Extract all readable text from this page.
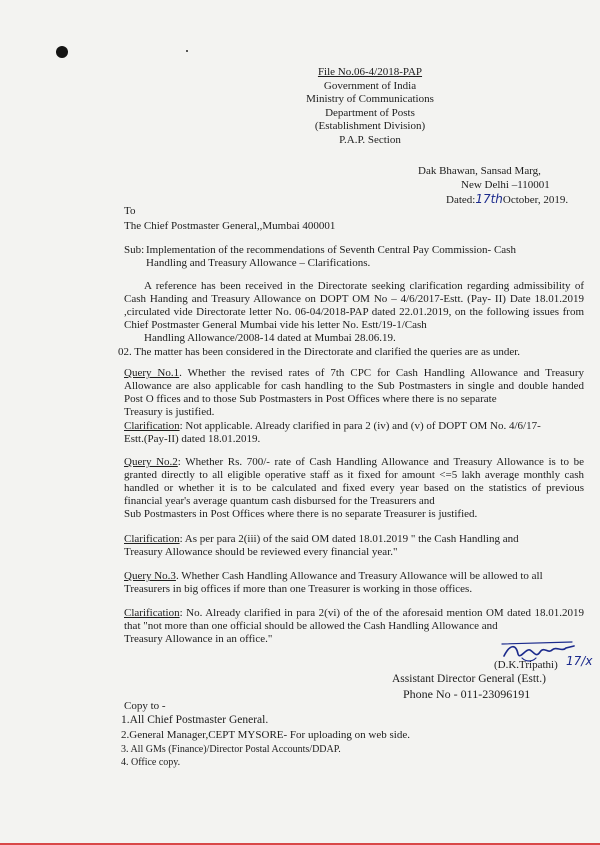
File No.06-4/2018-PAP
Government of India
Ministry of Communications
Department of Posts
(Establishment Division)
P.A.P. Section
Dak Bhawan, Sansad Marg,
New Delhi –110001
Dated:17thOctober, 2019.
To
The Chief Postmaster General,,Mumbai 400001
Sub: Implementation of the recommendations of Seventh Central Pay Commission- Cash
Handling and Treasury Allowance – Clarifications.
A reference has been received in the Directorate seeking clarification regarding admissibility of Cash Handing and Treasury Allowance on DOPT OM No – 4/6/2017-Estt. (Pay- II) Date 18.01.2019 ,circulated vide Directorate letter No. 06-04/2018-PAP dated 22.01.2019, on the following issues from Chief Postmaster General Mumbai vide his letter No. Estt/19-1/Cash
Handling Allowance/2008-14 dated at Mumbai 28.06.19.
02. The matter has been considered in the Directorate and clarified the queries are as under.
Query No.1. Whether the revised rates of 7th CPC for Cash Handling Allowance and Treasury Allowance are also applicable for cash handling to the Sub Postmasters in single and double handed Post O ffices and to those Sub Postmasters in Post Offices where there is no separate
Treasury is justified.
Clarification: Not applicable. Already clarified in para 2 (iv) and (v) of DOPT OM No. 4/6/17-
Estt.(Pay-II) dated 18.01.2019.
Query No.2: Whether Rs. 700/- rate of Cash Handling Allowance and Treasury Allowance is to be granted directly to all eligible operative staff as it fixed for amount <=5 lakh average monthly cash handled or whether it is to be calculated and fixed every year based on the statistics of previous financial year's average quantum cash disbursed for the Treasurers and
Sub Postmasters in Post Offices where there is no separate Treasurer is justified.
Clarification: As per para 2(iii) of the said OM dated 18.01.2019 " the Cash Handling and
Treasury Allowance should be reviewed every financial year."
Query No.3. Whether Cash Handling Allowance and Treasury Allowance will be allowed to all
Treasurers in big offices if more than one Treasurer is working in those offices.
Clarification: No. Already clarified in para 2(vi) of the of the aforesaid mention OM dated 18.01.2019 that "not more than one official should be allowed the Cash Handling Allowance and
Treasury Allowance in an office."
(D.K.Tripathi) 17/x
Assistant Director General (Estt.)
Phone No - 011-23096191
Copy to -
1.All Chief Postmaster General.
2.General Manager,CEPT MYSORE- For uploading on web side.
3. All GMs (Finance)/Director Postal Accounts/DDAP.
4. Office copy.
